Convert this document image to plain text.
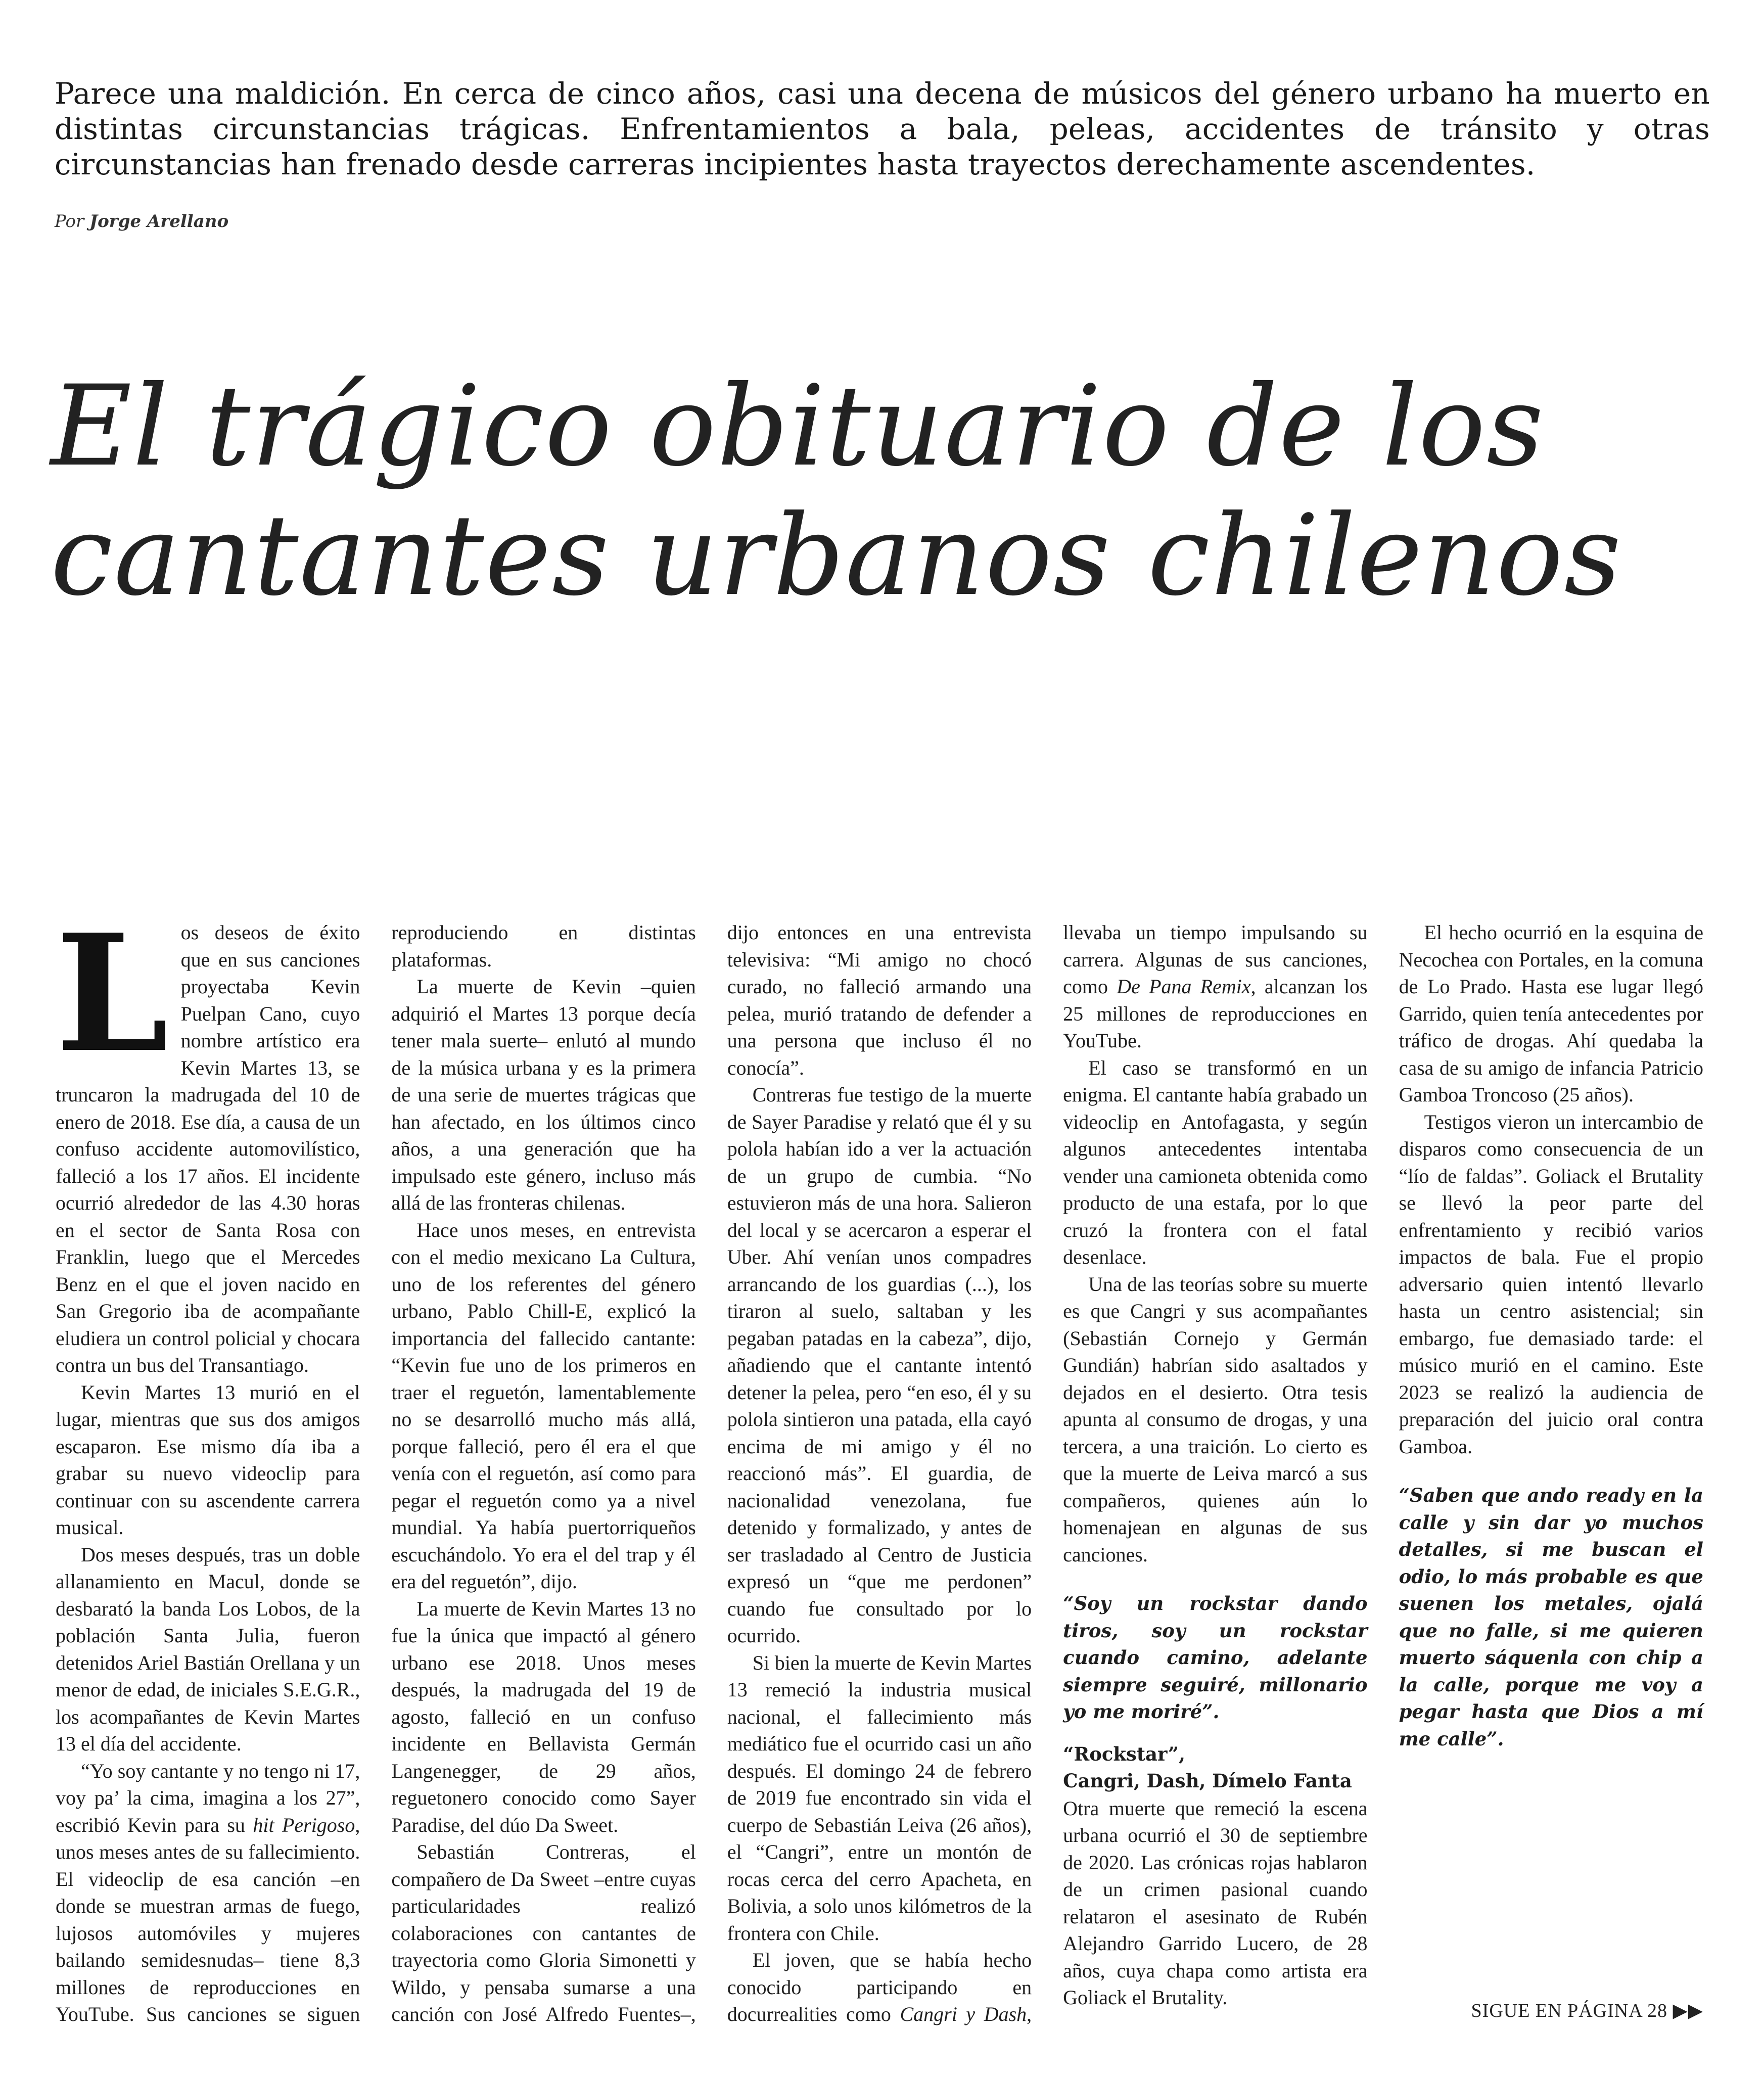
Parece una maldición. En cerca de cinco años, casi una decena de músicos del género urbano ha muerto en distintas circunstancias trágicas. Enfrentamientos a bala, peleas, accidentes de tránsito y otras circunstancias han frenado desde carreras incipientes hasta trayectos derechamente ascendentes.
Por Jorge Arellano
El trágico obituario de los
cantantes urbanos chilenos

Los deseos de éxito que en sus canciones proyectaba Kevin Puelpan Cano, cuyo nombre artístico era Kevin Martes 13, se truncaron la madrugada del 10 de enero de 2018. Ese día, a causa de un confuso accidente automovilístico, falleció a los 17 años. El incidente ocurrió alrededor de las 4.30 horas en el sector de Santa Rosa con Franklin, luego que el Mercedes Benz en el que el joven nacido en San Gregorio iba de acompañante eludiera un control policial y chocara contra un bus del Transantiago.

Kevin Martes 13 murió en el lugar, mientras que sus dos amigos escaparon. Ese mismo día iba a grabar su nuevo videoclip para continuar con su ascendente carrera musical.

Dos meses después, tras un doble allanamiento en Macul, donde se desbarató la banda Los Lobos, de la población Santa Julia, fueron detenidos Ariel Bastián Orellana y un menor de edad, de iniciales S.E.G.R., los acompañantes de Kevin Martes 13 el día del accidente.

“Yo soy cantante y no tengo ni 17, voy pa’ la cima, imagina a los 27”, escribió Kevin para su hit Perigoso, unos meses antes de su fallecimiento. El videoclip de esa canción –en donde se muestran armas de fuego, lujosos automóviles y mujeres bailando semidesnudas– tiene 8,3 millones de reproducciones en YouTube. Sus canciones se siguen reproduciendo en distintas plataformas.

La muerte de Kevin –quien adquirió el Martes 13 porque decía tener mala suerte– enlutó al mundo de la música urbana y es la primera de una serie de muertes trágicas que han afectado, en los últimos cinco años, a una generación que ha impulsado este género, incluso más allá de las fronteras chilenas.

Hace unos meses, en entrevista con el medio mexicano La Cultura, uno de los referentes del género urbano, Pablo Chill-E, explicó la importancia del fallecido cantante: “Kevin fue uno de los primeros en traer el reguetón, lamentablemente no se desarrolló mucho más allá, porque falleció, pero él era el que venía con el reguetón, así como para pegar el reguetón como ya a nivel mundial. Ya había puertorriqueños escuchándolo. Yo era el del trap y él era del reguetón”, dijo.

La muerte de Kevin Martes 13 no fue la única que impactó al género urbano ese 2018. Unos meses después, la madrugada del 19 de agosto, falleció en un confuso incidente en Bellavista Germán Langenegger, de 29 años, reguetonero conocido como Sayer Paradise, del dúo Da Sweet.

Sebastián Contreras, el compañero de Da Sweet –entre cuyas particularidades realizó colaboraciones con cantantes de trayectoria como Gloria Simonetti y Wildo, y pensaba sumarse a una canción con José Alfredo Fuentes–, dijo entonces en una entrevista televisiva: “Mi amigo no chocó curado, no falleció armando una pelea, murió tratando de defender a una persona que incluso él no conocía”.

Contreras fue testigo de la muerte de Sayer Paradise y relató que él y su polola habían ido a ver la actuación de un grupo de cumbia. “No estuvieron más de una hora. Salieron del local y se acercaron a esperar el Uber. Ahí venían unos compadres arrancando de los guardias (...), los tiraron al suelo, saltaban y les pegaban patadas en la cabeza”, dijo, añadiendo que el cantante intentó detener la pelea, pero “en eso, él y su polola sintieron una patada, ella cayó encima de mi amigo y él no reaccionó más”. El guardia, de nacionalidad venezolana, fue detenido y formalizado, y antes de ser trasladado al Centro de Justicia expresó un “que me perdonen” cuando fue consultado por lo ocurrido.

Si bien la muerte de Kevin Martes 13 remeció la industria musical nacional, el fallecimiento más mediático fue el ocurrido casi un año después. El domingo 24 de febrero de 2019 fue encontrado sin vida el cuerpo de Sebastián Leiva (26 años), el “Cangri”, entre un montón de rocas cerca del cerro Apacheta, en Bolivia, a solo unos kilómetros de la frontera con Chile.

El joven, que se había hecho conocido participando en docurrealities como Cangri y Dash, llevaba un tiempo impulsando su carrera. Algunas de sus canciones, como De Pana Remix, alcanzan los 25 millones de reproducciones en YouTube.

El caso se transformó en un enigma. El cantante había grabado un videoclip en Antofagasta, y según algunos antecedentes intentaba vender una camioneta obtenida como producto de una estafa, por lo que cruzó la frontera con el fatal desenlace.

Una de las teorías sobre su muerte es que Cangri y sus acompañantes (Sebastián Cornejo y Germán Gundián) habrían sido asaltados y dejados en el desierto. Otra tesis apunta al consumo de drogas, y una tercera, a una traición. Lo cierto es que la muerte de Leiva marcó a sus compañeros, quienes aún lo homenajean en algunas de sus canciones.

“Soy un rockstar dando tiros, soy un rockstar cuando camino, adelante siempre seguiré, millonario yo me moriré”.
“Rockstar”,
Cangri, Dash, Dímelo Fanta

Otra muerte que remeció la escena urbana ocurrió el 30 de septiembre de 2020. Las crónicas rojas hablaron de un crimen pasional cuando relataron el asesinato de Rubén Alejandro Garrido Lucero, de 28 años, cuya chapa como artista era Goliack el Brutality.

El hecho ocurrió en la esquina de Necochea con Portales, en la comuna de Lo Prado. Hasta ese lugar llegó Garrido, quien tenía antecedentes por tráfico de drogas. Ahí quedaba la casa de su amigo de infancia Patricio Gamboa Troncoso (25 años).

Testigos vieron un intercambio de disparos como consecuencia de un “lío de faldas”. Goliack el Brutality se llevó la peor parte del enfrentamiento y recibió varios impactos de bala. Fue el propio adversario quien intentó llevarlo hasta un centro asistencial; sin embargo, fue demasiado tarde: el músico murió en el camino. Este 2023 se realizó la audiencia de preparación del juicio oral contra Gamboa.

“Saben que ando ready en la calle y sin dar yo muchos detalles, si me buscan el odio, lo más probable es que suenen los metales, ojalá que no falle, si me quieren muerto sáquenla con chip a la calle, porque me voy a pegar hasta que Dios a mí me calle”.
SIGUE EN PÁGINA 28 ▶▶
